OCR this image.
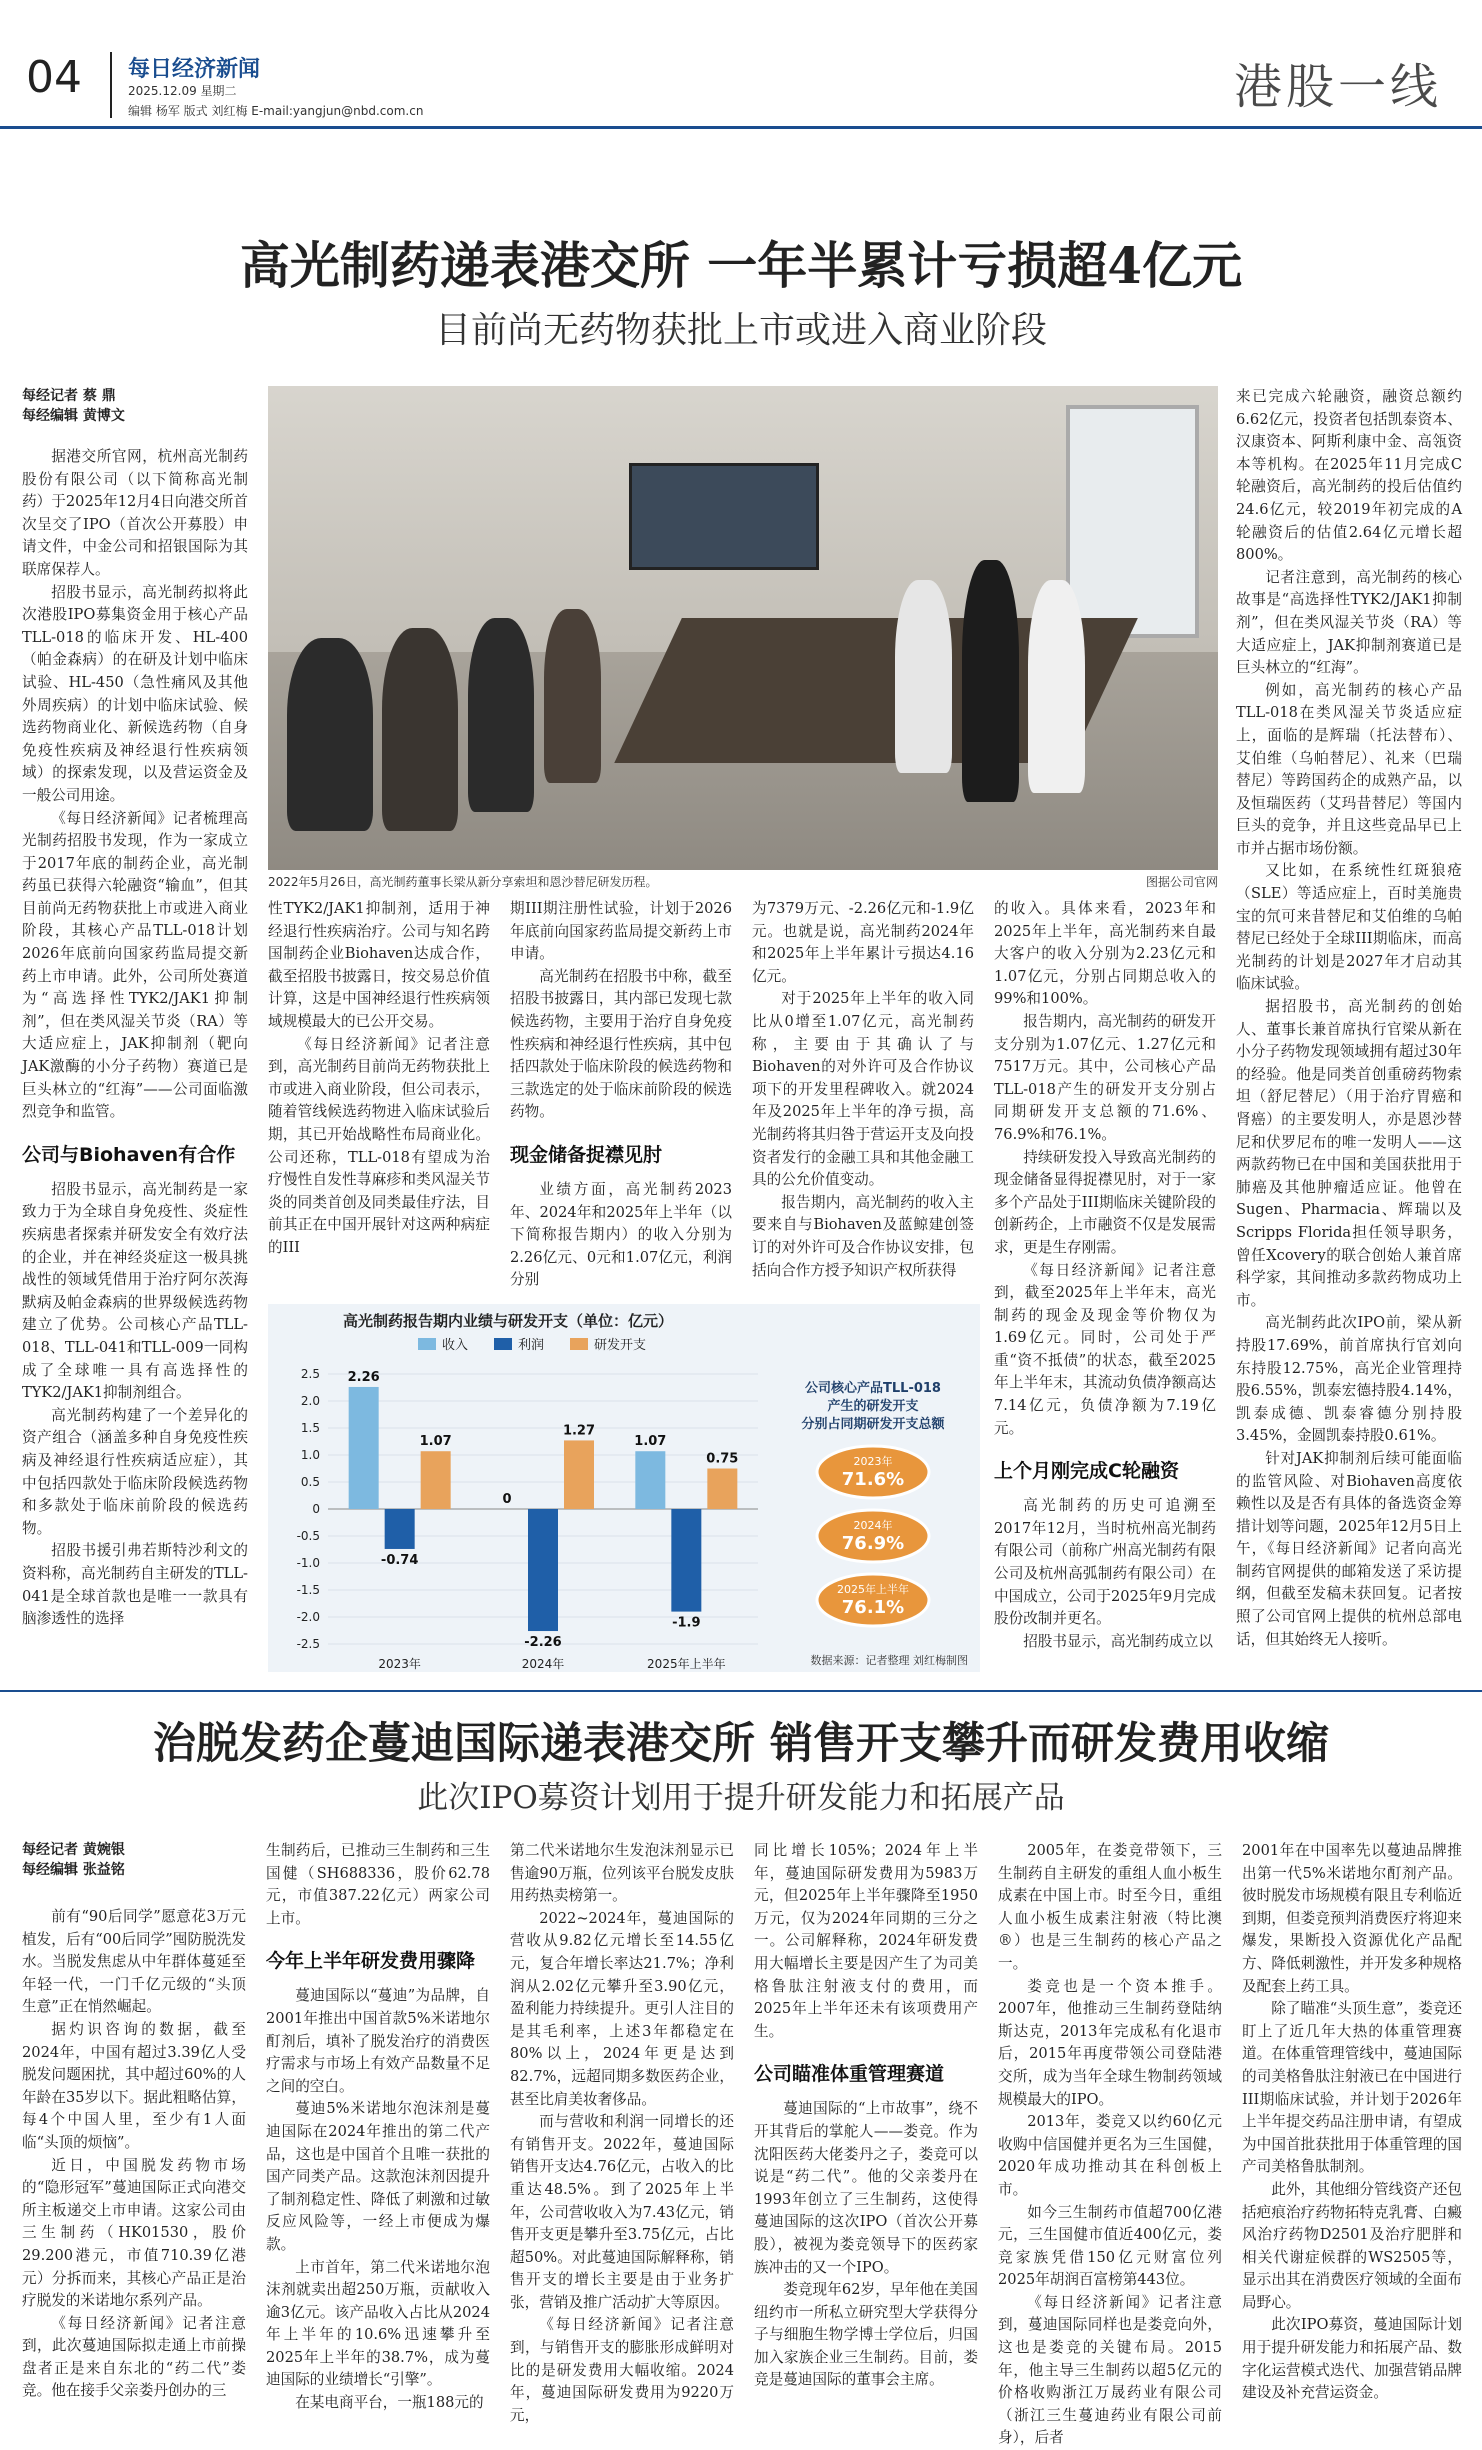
04 每日经济新闻
2025.12.09 星期二
编辑 杨军 版式 刘红梅 E-mail:yangjun@nbd.com.cn	港股一线
高光制药递表港交所 一年半累计亏损超4亿元
目前尚无药物获批上市或进入商业阶段
每经记者 蔡 鼎
每经编辑 黄博文

据港交所官网，杭州高光制药股份有限公司（以下简称高光制药）于2025年12月4日向港交所首次呈交了IPO（首次公开募股）申请文件，中金公司和招银国际为其联席保荐人。

招股书显示，高光制药拟将此次港股IPO募集资金用于核心产品TLL-018的临床开发、HL-400（帕金森病）的在研及计划中临床试验、HL-450（急性痛风及其他外周疾病）的计划中临床试验、候选药物商业化、新候选药物（自身免疫性疾病及神经退行性疾病领域）的探索发现，以及营运资金及一般公司用途。

《每日经济新闻》记者梳理高光制药招股书发现，作为一家成立于2017年底的制药企业，高光制药虽已获得六轮融资“输血”，但其目前尚无药物获批上市或进入商业阶段，其核心产品TLL-018计划2026年底前向国家药监局提交新药上市申请。此外，公司所处赛道为“高选择性TYK2/JAK1抑制剂”，但在类风湿关节炎（RA）等大适应症上，JAK抑制剂（靶向JAK激酶的小分子药物）赛道已是巨头林立的“红海”——公司面临激烈竞争和监管。

公司与Biohaven有合作

招股书显示，高光制药是一家致力于为全球自身免疫性、炎症性疾病患者探索并研发安全有效疗法的企业，并在神经炎症这一极具挑战性的领域凭借用于治疗阿尔茨海默病及帕金森病的世界级候选药物建立了优势。公司核心产品TLL-018、TLL-041和TLL-009一同构成了全球唯一具有高选择性的TYK2/JAK1抑制剂组合。

高光制药构建了一个差异化的资产组合（涵盖多种自身免疫性疾病及神经退行性疾病适应症），其中包括四款处于临床阶段候选药物和多款处于临床前阶段的候选药物。

招股书援引弗若斯特沙利文的资料称，高光制药自主研发的TLL-041是全球首款也是唯一一款具有脑渗透性的选择

2022年5月26日，高光制药董事长梁从新分享索坦和恩沙替尼研发历程。	图据公司官网

性TYK2/JAK1抑制剂，适用于神经退行性疾病治疗。公司与知名跨国制药企业Biohaven达成合作，截至招股书披露日，按交易总价值计算，这是中国神经退行性疾病领域规模最大的已公开交易。

《每日经济新闻》记者注意到，高光制药目前尚无药物获批上市或进入商业阶段，但公司表示，随着管线候选药物进入临床试验后期，其已开始战略性布局商业化。公司还称，TLL-018有望成为治疗慢性自发性荨麻疹和类风湿关节炎的同类首创及同类最佳疗法，目前其正在中国开展针对这两种病症的III

期III期注册性试验，计划于2026年底前向国家药监局提交新药上市申请。

高光制药在招股书中称，截至招股书披露日，其内部已发现七款候选药物，主要用于治疗自身免疫性疾病和神经退行性疾病，其中包括四款处于临床阶段的候选药物和三款选定的处于临床前阶段的候选药物。

现金储备捉襟见肘

业绩方面，高光制药2023年、2024年和2025年上半年（以下简称报告期内）的收入分别为2.26亿元、0元和1.07亿元，利润分别

为7379万元、-2.26亿元和-1.9亿元。也就是说，高光制药2024年和2025年上半年累计亏损达4.16亿元。

对于2025年上半年的收入同比从0增至1.07亿元，高光制药称，主要由于其确认了与Biohaven的对外许可及合作协议项下的开发里程碑收入。就2024年及2025年上半年的净亏损，高光制药将其归咎于营运开支及向投资者发行的金融工具和其他金融工具的公允价值变动。

报告期内，高光制药的收入主要来自与Biohaven及蓝鲸建创签订的对外许可及合作协议安排，包括向合作方授予知识产权所获得

高光制药报告期内业绩与研发开支（单位：亿元）
收入	利润	研发开支
2.5
2.0
1.5
1.0
0.5
0
-0.5
-1.0
-1.5
-2.0
-2.5
2.26
-0.74
1.07
2023年
0
-2.26
1.27
2024年
1.07
-1.9
0.75
2025年上半年
公司核心产品TLL-018
产生的研发开支
分别占同期研发开支总额
2023年
71.6%
2024年
76.9%
2025年上半年
76.1%
数据来源：记者整理 刘红梅制图

的收入。具体来看，2023年和2025年上半年，高光制药来自最大客户的收入分别为2.23亿元和1.07亿元，分别占同期总收入的99%和100%。

报告期内，高光制药的研发开支分别为1.07亿元、1.27亿元和7517万元。其中，公司核心产品TLL-018产生的研发开支分别占同期研发开支总额的71.6%、76.9%和76.1%。

持续研发投入导致高光制药的现金储备显得捉襟见肘，对于一家多个产品处于III期临床关键阶段的创新药企，上市融资不仅是发展需求，更是生存刚需。

《每日经济新闻》记者注意到，截至2025年上半年末，高光制药的现金及现金等价物仅为1.69亿元。同时，公司处于严重“资不抵债”的状态，截至2025年上半年末，其流动负债净额高达7.14亿元，负债净额为7.19亿元。

上个月刚完成C轮融资

高光制药的历史可追溯至2017年12月，当时杭州高光制药有限公司（前称广州高光制药有限公司及杭州高弧制药有限公司）在中国成立，公司于2025年9月完成股份改制并更名。

招股书显示，高光制药成立以

来已完成六轮融资，融资总额约6.62亿元，投资者包括凯泰资本、汉康资本、阿斯利康中金、高瓴资本等机构。在2025年11月完成C轮融资后，高光制药的投后估值约24.6亿元，较2019年初完成的A轮融资后的估值2.64亿元增长超800%。

记者注意到，高光制药的核心故事是“高选择性TYK2/JAK1抑制剂”，但在类风湿关节炎（RA）等大适应症上，JAK抑制剂赛道已是巨头林立的“红海”。

例如，高光制药的核心产品TLL-018在类风湿关节炎适应症上，面临的是辉瑞（托法替布）、艾伯维（乌帕替尼）、礼来（巴瑞替尼）等跨国药企的成熟产品，以及恒瑞医药（艾玛昔替尼）等国内巨头的竞争，并且这些竞品早已上市并占据市场份额。

又比如，在系统性红斑狼疮（SLE）等适应症上，百时美施贵宝的氘可来昔替尼和艾伯维的乌帕替尼已经处于全球III期临床，而高光制药的计划是2027年才启动其临床试验。

据招股书，高光制药的创始人、董事长兼首席执行官梁从新在小分子药物发现领域拥有超过30年的经验。他是同类首创重磅药物索坦（舒尼替尼）（用于治疗胃癌和肾癌）的主要发明人，亦是恩沙替尼和伏罗尼布的唯一发明人——这两款药物已在中国和美国获批用于肺癌及其他肿瘤适应证。他曾在Sugen、Pharmacia、辉瑞以及Scripps Florida担任领导职务，曾任Xcovery的联合创始人兼首席科学家，其间推动多款药物成功上市。

高光制药此次IPO前，梁从新持股17.69%，前首席执行官刘向东持股12.75%，高光企业管理持股6.55%，凯泰宏德持股4.14%，凯泰成德、凯泰睿德分别持股3.45%，金圆凯泰持股0.61%。

针对JAK抑制剂后续可能面临的监管风险、对Biohaven高度依赖性以及是否有具体的备选资金筹措计划等问题，2025年12月5日上午，《每日经济新闻》记者向高光制药官网提供的邮箱发送了采访提纲，但截至发稿未获回复。记者按照了公司官网上提供的杭州总部电话，但其始终无人接听。

治脱发药企蔓迪国际递表港交所 销售开支攀升而研发费用收缩
此次IPO募资计划用于提升研发能力和拓展产品
每经记者 黄婉银
每经编辑 张益铭

前有“90后同学”愿意花3万元植发，后有“00后同学”囤防脱洗发水。当脱发焦虑从中年群体蔓延至年轻一代，一门千亿元级的“头顶生意”正在悄然崛起。

据灼识咨询的数据，截至2024年，中国有超过3.39亿人受脱发问题困扰，其中超过60%的人年龄在35岁以下。据此粗略估算，每4个中国人里，至少有1人面临“头顶的烦恼”。

近日，中国脱发药物市场的“隐形冠军”蔓迪国际正式向港交所主板递交上市申请。这家公司由三生制药（HK01530，股价29.200港元，市值710.39亿港元）分拆而来，其核心产品正是治疗脱发的米诺地尔系列产品。

《每日经济新闻》记者注意到，此次蔓迪国际拟走通上市前操盘者正是来自东北的“药二代”娄竞。他在接手父亲娄丹创办的三

生制药后，已推动三生制药和三生国健（SH688336，股价62.78元，市值387.22亿元）两家公司上市。

今年上半年研发费用骤降

蔓迪国际以“蔓迪”为品牌，自2001年推出中国首款5%米诺地尔酊剂后，填补了脱发治疗的消费医疗需求与市场上有效产品数量不足之间的空白。

蔓迪5%米诺地尔泡沫剂是蔓迪国际在2024年推出的第二代产品，这也是中国首个且唯一获批的国产同类产品。这款泡沫剂因提升了制剂稳定性、降低了刺激和过敏反应风险等，一经上市便成为爆款。

上市首年，第二代米诺地尔泡沫剂就卖出超250万瓶，贡献收入逾3亿元。该产品收入占比从2024年上半年的10.6%迅速攀升至2025年上半年的38.7%，成为蔓迪国际的业绩增长“引擎”。

在某电商平台，一瓶188元的

第二代米诺地尔生发泡沫剂显示已售逾90万瓶，位列该平台脱发皮肤用药热卖榜第一。

2022~2024年，蔓迪国际的营收从9.82亿元增长至14.55亿元，复合年增长率达21.7%；净利润从2.02亿元攀升至3.90亿元，盈利能力持续提升。更引人注目的是其毛利率，上述3年都稳定在80%以上，2024年更是达到82.7%，远超同期多数医药企业，甚至比肩美妆奢侈品。

而与营收和利润一同增长的还有销售开支。2022年，蔓迪国际销售开支达4.76亿元，占收入的比重达48.5%。到了2025年上半年，公司营收收入为7.43亿元，销售开支更是攀升至3.75亿元，占比超50%。对此蔓迪国际解释称，销售开支的增长主要是由于业务扩张，营销及推广活动扩大等原因。

《每日经济新闻》记者注意到，与销售开支的膨胀形成鲜明对比的是研发费用大幅收缩。2024年，蔓迪国际研发费用为9220万元，

同比增长105%；2024年上半年，蔓迪国际研发费用为5983万元，但2025年上半年骤降至1950万元，仅为2024年同期的三分之一。公司解释称，2024年研发费用大幅增长主要是因产生了为司美格鲁肽注射液支付的费用，而2025年上半年还未有该项费用产生。

公司瞄准体重管理赛道

蔓迪国际的“上市故事”，绕不开其背后的掌舵人——娄竞。作为沈阳医药大佬娄丹之子，娄竞可以说是“药二代”。他的父亲娄丹在1993年创立了三生制药，这使得蔓迪国际的这次IPO（首次公开募股），被视为娄竞领导下的医药家族冲击的又一个IPO。

娄竞现年62岁，早年他在美国纽约市一所私立研究型大学获得分子与细胞生物学博士学位后，归国加入家族企业三生制药。目前，娄竞是蔓迪国际的董事会主席。

2005年，在娄竞带领下，三生制药自主研发的重组人血小板生成素在中国上市。时至今日，重组人血小板生成素注射液（特比澳®）也是三生制药的核心产品之一。

娄竞也是一个资本推手。2007年，他推动三生制药登陆纳斯达克，2013年完成私有化退市后，2015年再度带领公司登陆港交所，成为当年全球生物制药领域规模最大的IPO。

2013年，娄竞又以约60亿元收购中信国健并更名为三生国健，2020年成功推动其在科创板上市。

如今三生制药市值超700亿港元，三生国健市值近400亿元，娄竞家族凭借150亿元财富位列2025年胡润百富榜第443位。

《每日经济新闻》记者注意到，蔓迪国际同样也是娄竞向外，这也是娄竞的关键布局。2015年，他主导三生制药以超5亿元的价格收购浙江万晟药业有限公司（浙江三生蔓迪药业有限公司前身），后者

2001年在中国率先以蔓迪品牌推出第一代5%米诺地尔酊剂产品。彼时脱发市场规模有限且专利临近到期，但娄竞预判消费医疗将迎来爆发，果断投入资源优化产品配方、降低刺激性，并开发多种规格及配套上药工具。

除了瞄准“头顶生意”，娄竞还盯上了近几年大热的体重管理赛道。在体重管理管线中，蔓迪国际的司美格鲁肽注射液已在中国进行III期临床试验，并计划于2026年上半年提交药品注册申请，有望成为中国首批获批用于体重管理的国产司美格鲁肽制剂。

此外，其他细分管线资产还包括疤痕治疗药物拓特克乳膏、白癜风治疗药物D2501及治疗肥胖和相关代谢症候群的WS2505等，显示出其在消费医疗领域的全面布局野心。

此次IPO募资，蔓迪国际计划用于提升研发能力和拓展产品、数字化运营模式迭代、加强营销品牌建设及补充营运资金。
